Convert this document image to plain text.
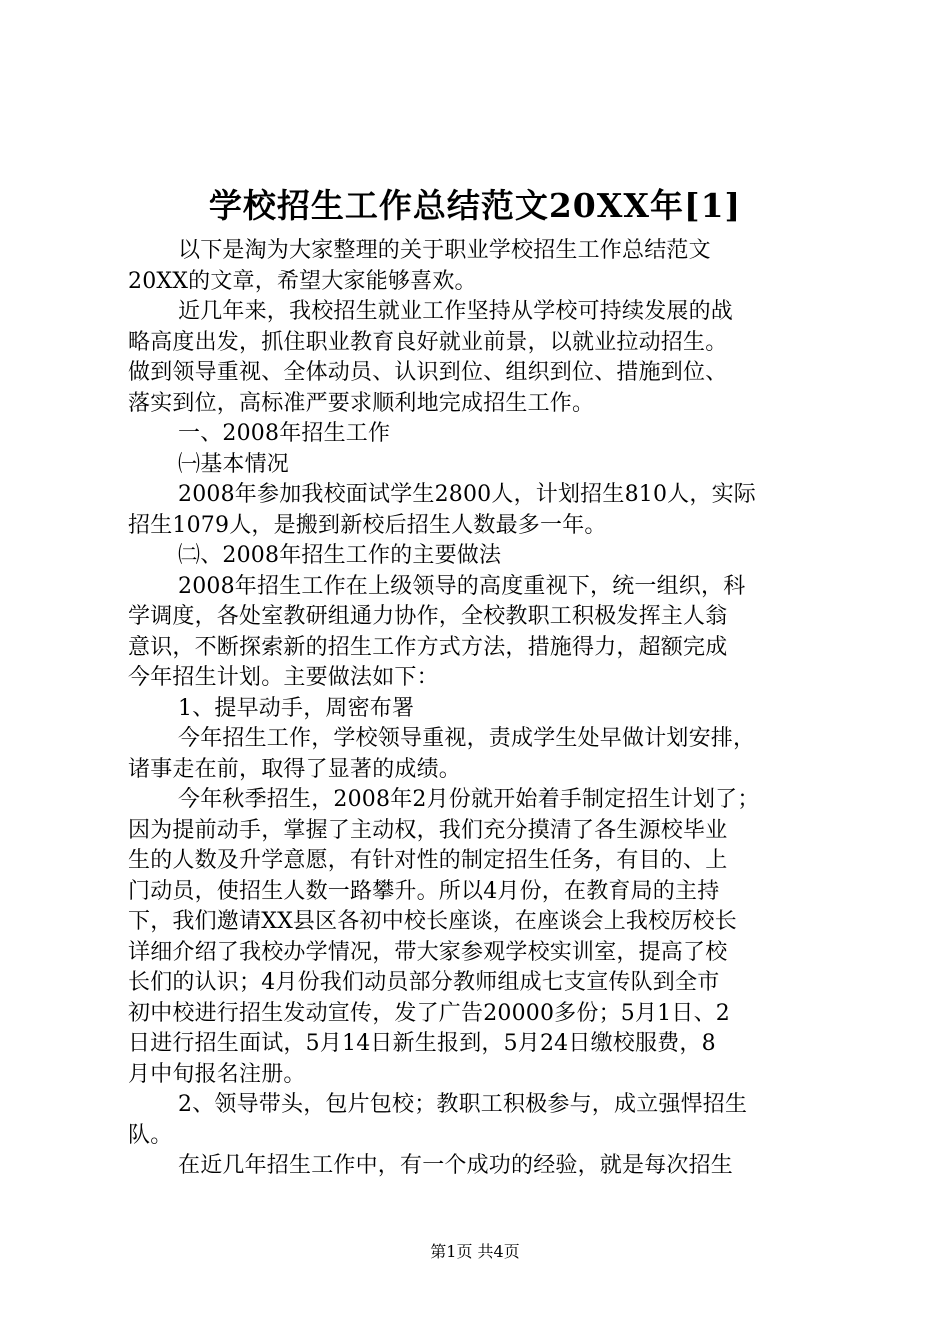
学校招生工作总结范文20XX年[1]
以下是淘为大家整理的关于职业学校招生工作总结范文
20XX的文章，希望大家能够喜欢。
近几年来，我校招生就业工作坚持从学校可持续发展的战
略高度出发，抓住职业教育良好就业前景，以就业拉动招生。
做到领导重视、全体动员、认识到位、组织到位、措施到位、
落实到位，高标准严要求顺利地完成招生工作。
一、2008年招生工作
㈠基本情况
2008年参加我校面试学生2800人，计划招生810人，实际
招生1079人，是搬到新校后招生人数最多一年。
㈡、2008年招生工作的主要做法
2008年招生工作在上级领导的高度重视下，统一组织，科
学调度，各处室教研组通力协作，全校教职工积极发挥主人翁
意识，不断探索新的招生工作方式方法，措施得力，超额完成
今年招生计划。主要做法如下：
1、提早动手，周密布署
今年招生工作，学校领导重视，责成学生处早做计划安排，
诸事走在前，取得了显著的成绩。
今年秋季招生，2008年2月份就开始着手制定招生计划了；
因为提前动手，掌握了主动权，我们充分摸清了各生源校毕业
生的人数及升学意愿，有针对性的制定招生任务，有目的、上
门动员，使招生人数一路攀升。所以4月份，在教育局的主持
下，我们邀请XX县区各初中校长座谈，在座谈会上我校厉校长
详细介绍了我校办学情况，带大家参观学校实训室，提高了校
长们的认识；4月份我们动员部分教师组成七支宣传队到全市
初中校进行招生发动宣传，发了广告20000多份；5月1日、2
日进行招生面试，5月14日新生报到，5月24日缴校服费，8
月中旬报名注册。
2、领导带头，包片包校；教职工积极参与，成立强悍招生
队。
在近几年招生工作中，有一个成功的经验，就是每次招生
第1页 共4页
